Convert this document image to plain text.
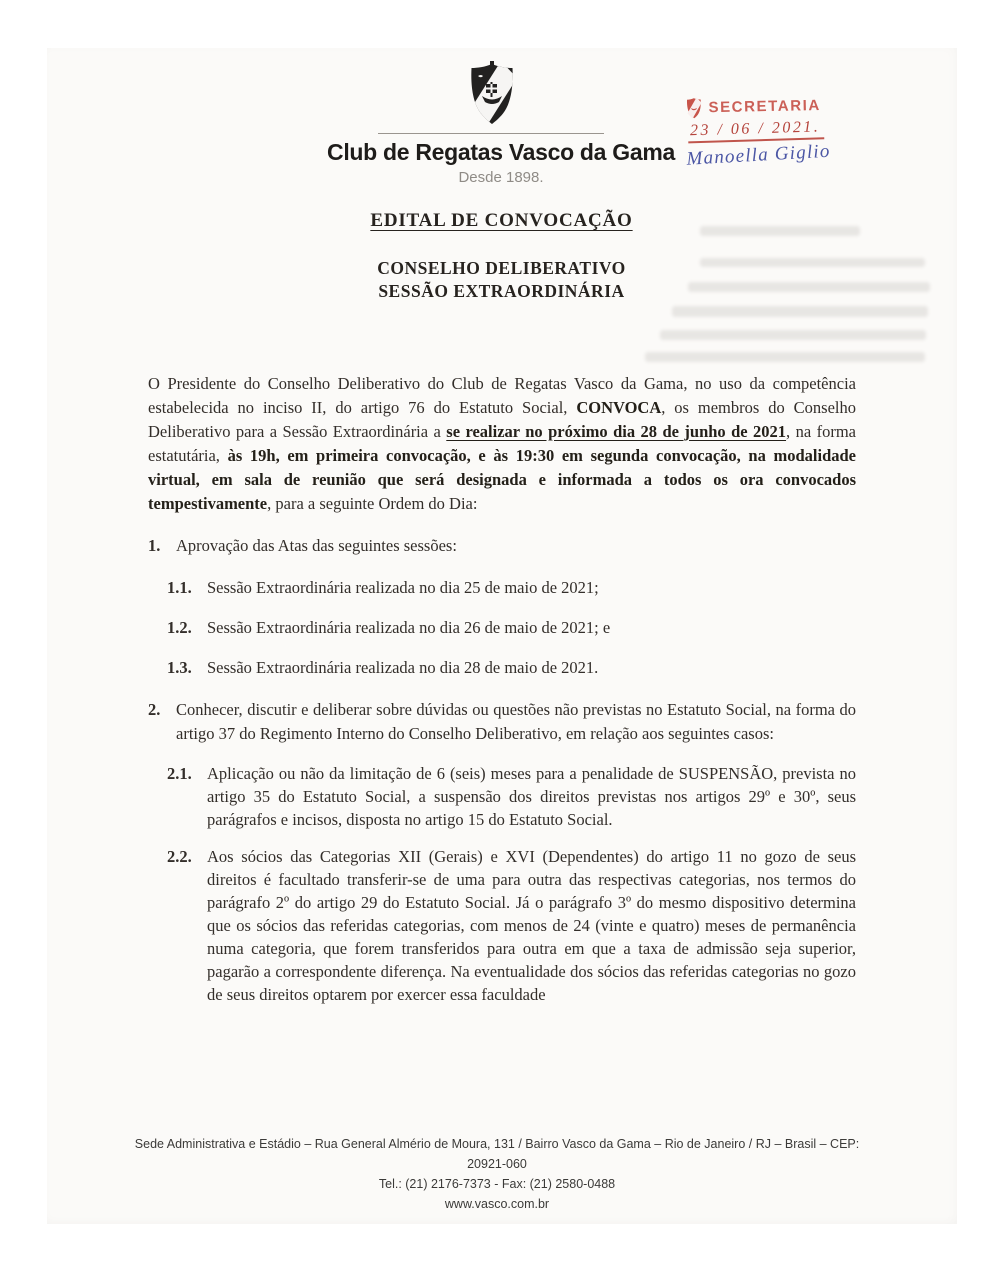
Club de Regatas Vasco da Gama
Desde 1898.
SECRETARIA
23 / 06 / 2021.
Manoella Giglio
EDITAL DE CONVOCAÇÃO
CONSELHO DELIBERATIVO
SESSÃO EXTRAORDINÁRIA

O Presidente do Conselho Deliberativo do Club de Regatas Vasco da Gama, no uso da competência estabelecida no inciso II, do artigo 76 do Estatuto Social, CONVOCA, os membros do Conselho Deliberativo para a Sessão Extraordinária a se realizar no próximo dia 28 de junho de 2021, na forma estatutária, às 19h, em primeira convocação, e às 19:30 em segunda convocação, na modalidade virtual, em sala de reunião que será designada e informada a todos os ora convocados tempestivamente, para a seguinte Ordem do Dia:

1. Aprovação das Atas das seguintes sessões:
1.1. Sessão Extraordinária realizada no dia 25 de maio de 2021;
1.2. Sessão Extraordinária realizada no dia 26 de maio de 2021; e
1.3. Sessão Extraordinária realizada no dia 28 de maio de 2021.
2. Conhecer, discutir e deliberar sobre dúvidas ou questões não previstas no Estatuto Social, na forma do artigo 37 do Regimento Interno do Conselho Deliberativo, em relação aos seguintes casos:
2.1. Aplicação ou não da limitação de 6 (seis) meses para a penalidade de SUSPENSÃO, prevista no artigo 35 do Estatuto Social, a suspensão dos direitos previstas nos artigos 29º e 30º, seus parágrafos e incisos, disposta no artigo 15 do Estatuto Social.
2.2. Aos sócios das Categorias XII (Gerais) e XVI (Dependentes) do artigo 11 no gozo de seus direitos é facultado transferir-se de uma para outra das respectivas categorias, nos termos do parágrafo 2º do artigo 29 do Estatuto Social. Já o parágrafo 3º do mesmo dispositivo determina que os sócios das referidas categorias, com menos de 24 (vinte e quatro) meses de permanência numa categoria, que forem transferidos para outra em que a taxa de admissão seja superior, pagarão a correspondente diferença. Na eventualidade dos sócios das referidas categorias no gozo de seus direitos optarem por exercer essa faculdade
Sede Administrativa e Estádio – Rua General Almério de Moura, 131 / Bairro Vasco da Gama – Rio de Janeiro / RJ – Brasil – CEP:
20921-060
Tel.: (21) 2176-7373 - Fax: (21) 2580-0488
www.vasco.com.br
